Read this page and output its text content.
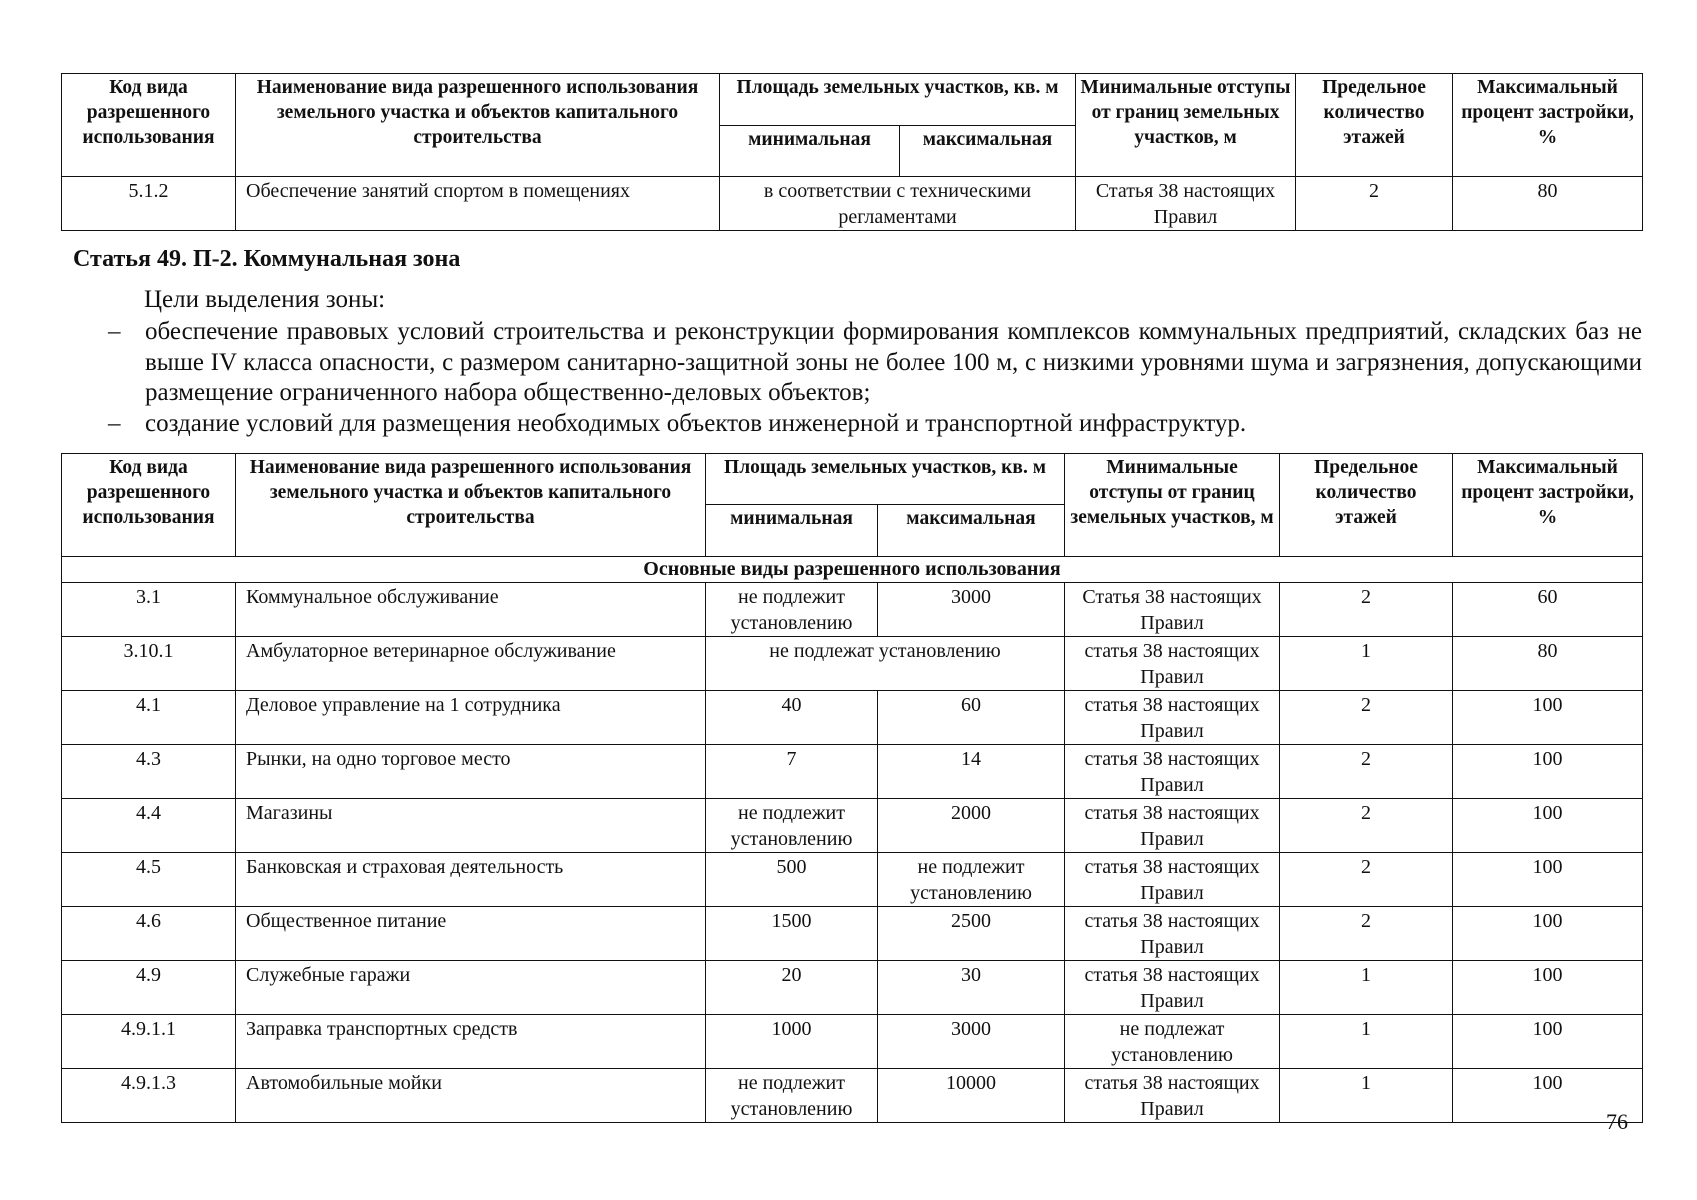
Код вида разрешенного использования	Наименование вида разрешенного использования земельного участка и объектов капитального строительства	Площадь земельных участков, кв. м		Минимальные отступы от границ земельных участков, м	Предельное количество этажей	Максимальный процент застройки, %
		минимальная	максимальная			
5.1.2	Обеспечение занятий спортом в помещениях	в соответствии с техническими регламентами		Статья 38 настоящих Правил	2	80
Статья 49. П-2. Коммунальная зона
Цели выделения зоны:
– обеспечение правовых условий строительства и реконструкции формирования комплексов коммунальных предприятий, складских баз не выше IV класса опасности, с размером санитарно-защитной зоны не более 100 м, с низкими уровнями шума и загрязнения, допускающими размещение ограниченного набора общественно-деловых объектов;
– создание условий для размещения необходимых объектов инженерной и транспортной инфраструктур.
Код вида разрешенного использования	Наименование вида разрешенного использования земельного участка и объектов капитального строительства	Площадь земельных участков, кв. м		Минимальные отступы от границ земельных участков, м	Предельное количество этажей	Максимальный процент застройки, %
		минимальная	максимальная			
Основные виды разрешенного использования						
3.1	Коммунальное обслуживание	не подлежит установлению	3000	Статья 38 настоящих Правил	2	60
3.10.1	Амбулаторное ветеринарное обслуживание	не подлежат установлению		статья 38 настоящих Правил	1	80
4.1	Деловое управление на 1 сотрудника	40	60	статья 38 настоящих Правил	2	100
4.3	Рынки, на одно торговое место	7	14	статья 38 настоящих Правил	2	100
4.4	Магазины	не подлежит установлению	2000	статья 38 настоящих Правил	2	100
4.5	Банковская и страховая деятельность	500	не подлежит установлению	статья 38 настоящих Правил	2	100
4.6	Общественное питание	1500	2500	статья 38 настоящих Правил	2	100
4.9	Служебные гаражи	20	30	статья 38 настоящих Правил	1	100
4.9.1.1	Заправка транспортных средств	1000	3000	не подлежат установлению	1	100
4.9.1.3	Автомобильные мойки	не подлежит установлению	10000	статья 38 настоящих Правил	1	100
76
